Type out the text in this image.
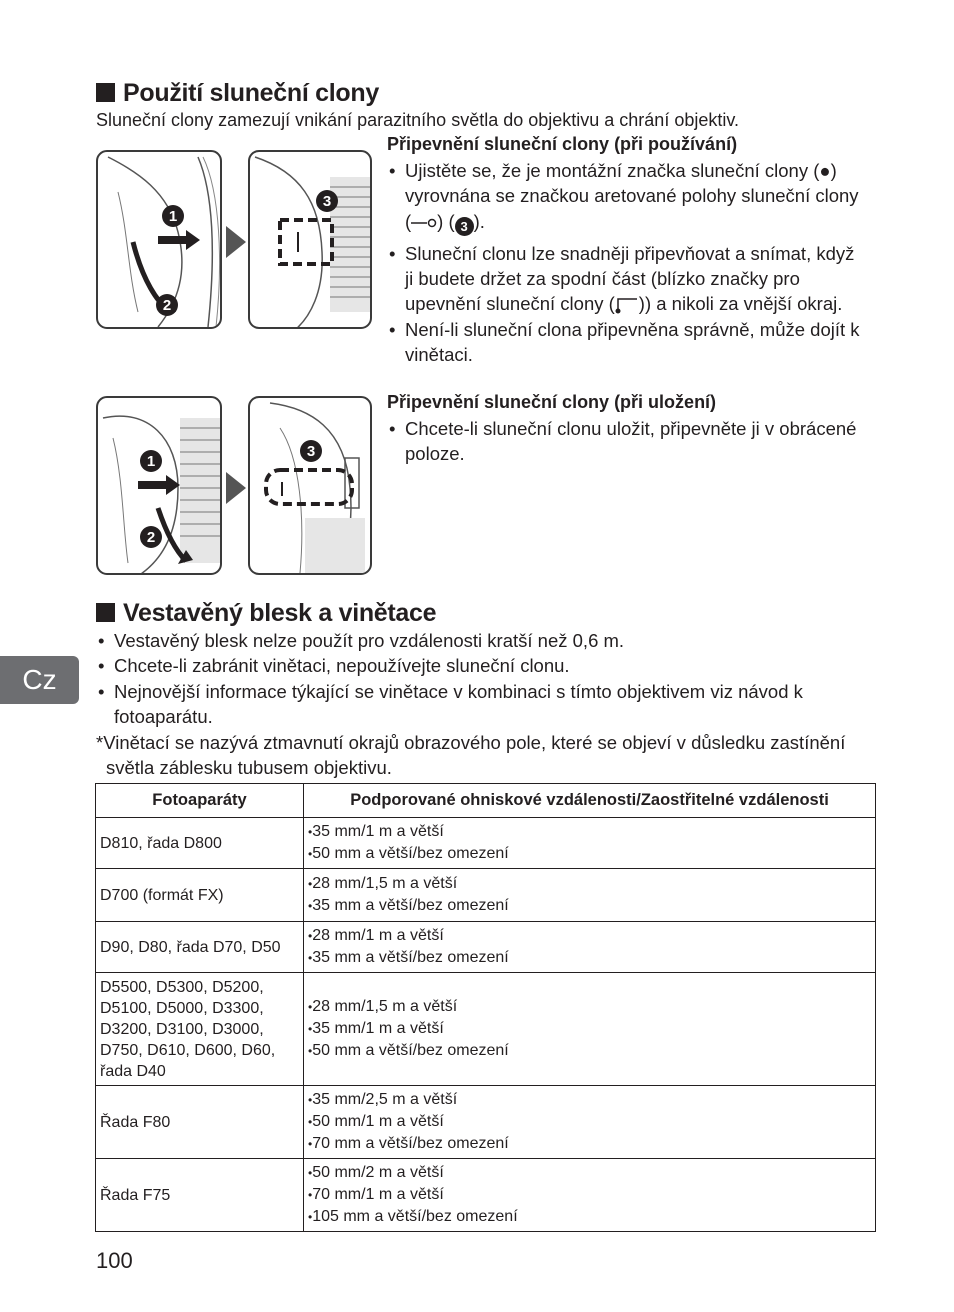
Použití sluneční clony
Sluneční clony zamezují vnikání parazitního světla do objektivu a chrání objektiv.
1
2
3
Připevnění sluneční clony (při používání)
• Ujistěte se, že je montážní značka sluneční clony (●) vyrovnána se značkou aretované polohy sluneční clony ( ) ( 3 ).
• Sluneční clonu lze snadněji připevňovat a snímat, když ji budete držet za spodní část (blízko značky pro upevnění sluneční clony ( )) a nikoli za vnější okraj.
• Není-li sluneční clona připevněna správně, může dojít k vinětaci.
1
2
3
Připevnění sluneční clony (při uložení)
• Chcete-li sluneční clonu uložit, připevněte ji v obrácené poloze.
Vestavěný blesk a vinětace
• Vestavěný blesk nelze použít pro vzdálenosti kratší než 0,6 m.
• Chcete-li zabránit vinětaci, nepoužívejte sluneční clonu.
• Nejnovější informace týkající se vinětace v kombinaci s tímto objektivem viz návod k fotoaparátu.
*Vinětací se nazývá ztmavnutí okrajů obrazového pole, které se objeví v důsledku zastínění světla záblesku tubusem objektivu.
Cz
Fotoaparáty	Podporované ohniskové vzdálenosti/Zaostřitelné vzdálenosti
D810, řada D800	• 35 mm/1 m a větší
• 50 mm a větší/bez omezení

D700 (formát FX)	• 28 mm/1,5 m a větší
• 35 mm a větší/bez omezení

D90, D80, řada D70, D50	• 28 mm/1 m a větší
• 35 mm a větší/bez omezení

D5500, D5300, D5200, D5100, D5000, D3300, D3200, D3100, D3000, D750, D610, D600, D60, řada D40	• 28 mm/1,5 m a větší
• 35 mm/1 m a větší
• 50 mm a větší/bez omezení

Řada F80	• 35 mm/2,5 m a větší
• 50 mm/1 m a větší
• 70 mm a větší/bez omezení

Řada F75	• 50 mm/2 m a větší
• 70 mm/1 m a větší
• 105 mm a větší/bez omezení
100
